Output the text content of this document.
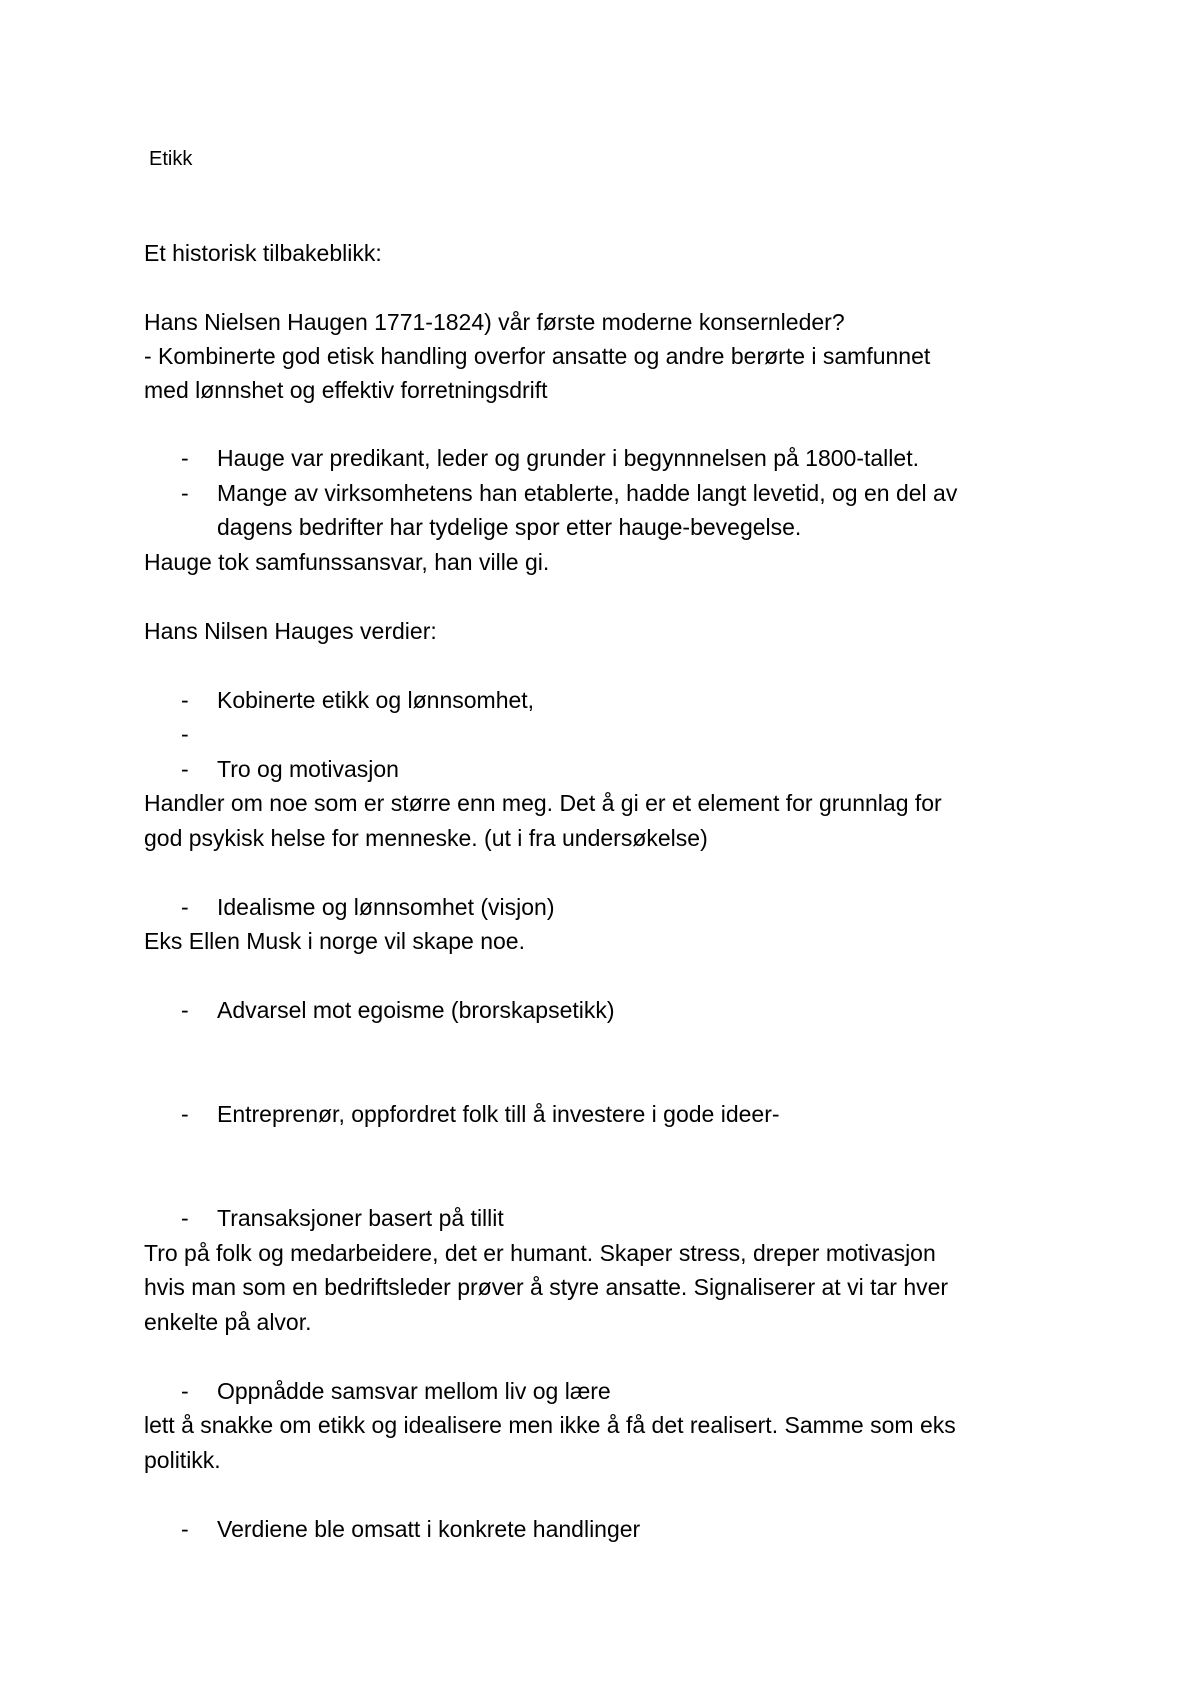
Etikk
Et historisk tilbakeblikk:
Hans Nielsen Haugen 1771-1824) vår første moderne konsernleder?
- Kombinerte god etisk handling overfor ansatte og andre berørte i samfunnet
med lønnshet og effektiv forretningsdrift
- Hauge var predikant, leder og grunder i begynnnelsen på 1800-tallet.
- Mange av virksomhetens han etablerte, hadde langt levetid, og en del av
dagens bedrifter har tydelige spor etter hauge-bevegelse.
Hauge tok samfunssansvar, han ville gi.
Hans Nilsen Hauges verdier:
- Kobinerte etikk og lønnsomhet,
-
- Tro og motivasjon
Handler om noe som er større enn meg. Det å gi er et element for grunnlag for
god psykisk helse for menneske. (ut i fra undersøkelse)
- Idealisme og lønnsomhet (visjon)
Eks Ellen Musk i norge vil skape noe.
- Advarsel mot egoisme (brorskapsetikk)
- Entreprenør, oppfordret folk till å investere i gode ideer-
- Transaksjoner basert på tillit
Tro på folk og medarbeidere, det er humant. Skaper stress, dreper motivasjon
hvis man som en bedriftsleder prøver å styre ansatte. Signaliserer at vi tar hver
enkelte på alvor.
- Oppnådde samsvar mellom liv og lære
lett å snakke om etikk og idealisere men ikke å få det realisert. Samme som eks
politikk.
- Verdiene ble omsatt i konkrete handlinger
